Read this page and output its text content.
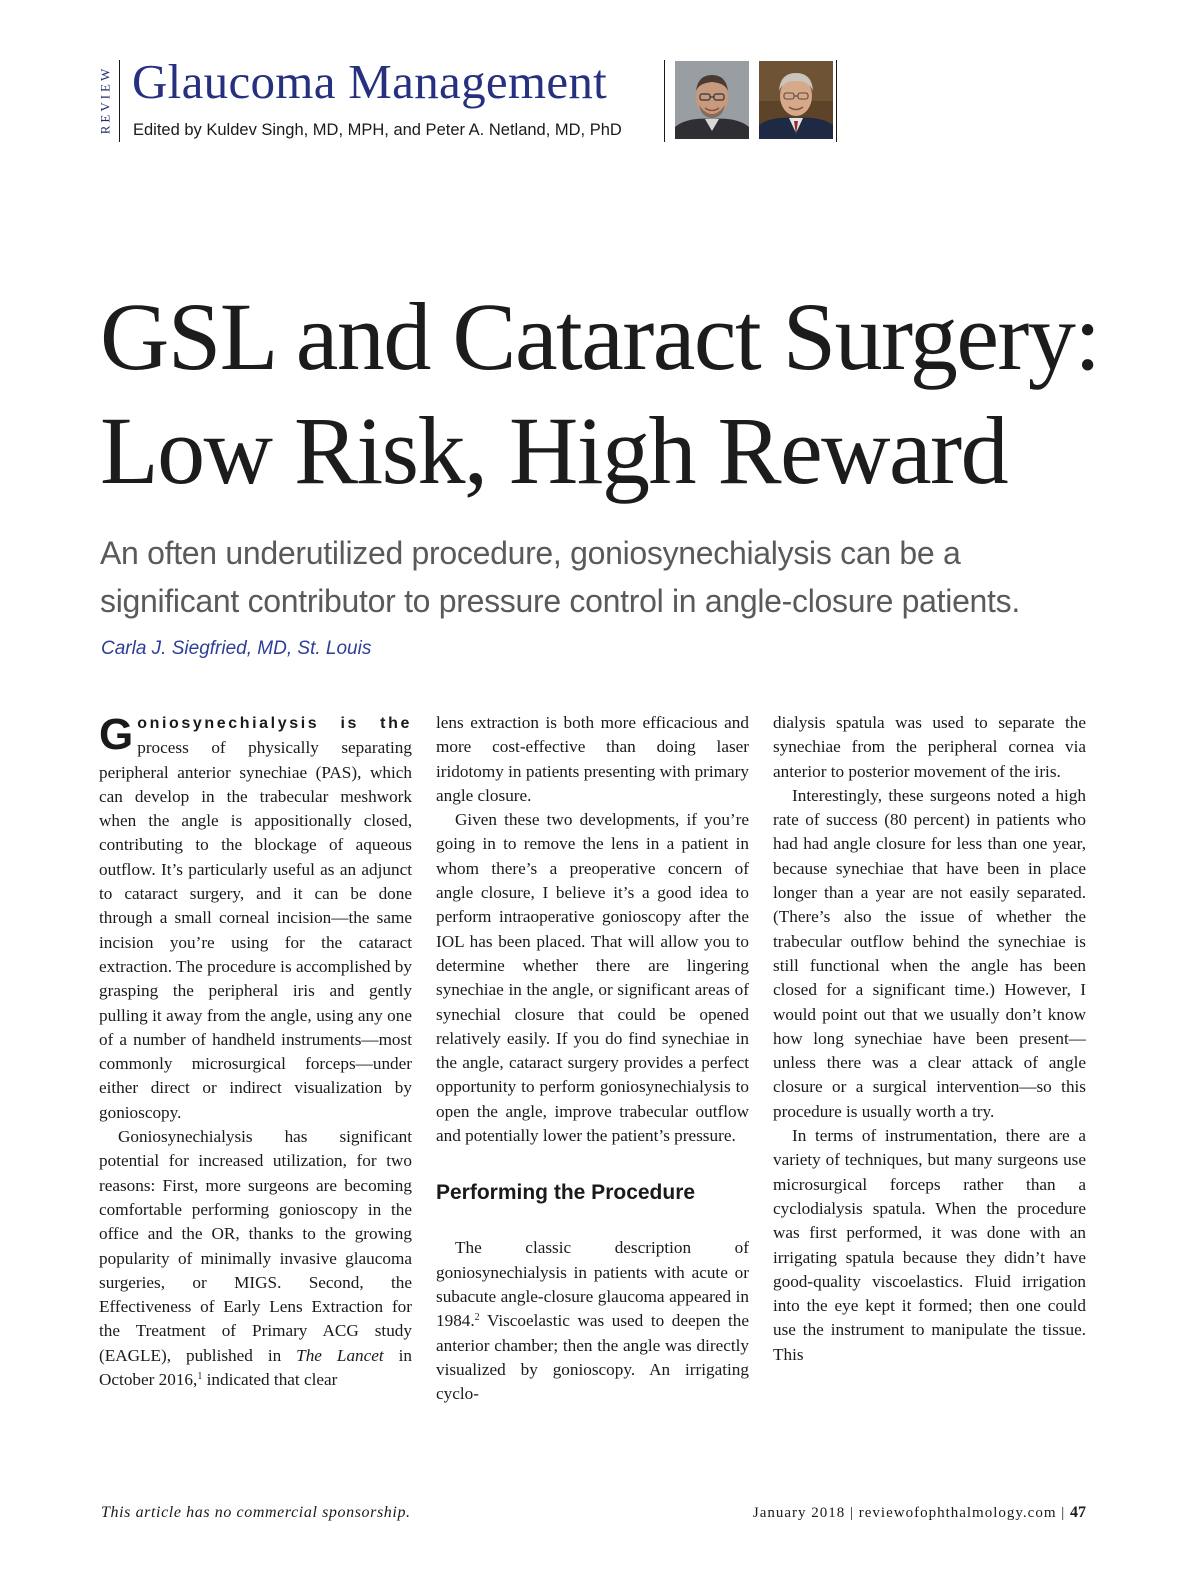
REVIEW Glaucoma Management
Edited by Kuldev Singh, MD, MPH, and Peter A. Netland, MD, PhD
GSL and Cataract Surgery:
Low Risk, High Reward
An often underutilized procedure, goniosynechialysis can be a
significant contributor to pressure control in angle-closure patients.
Carla J. Siegfried, MD, St. Louis

Goniosynechialysis is the process of physically separating peripheral anterior synechiae (PAS), which can develop in the trabecular meshwork when the angle is appositionally closed, contributing to the blockage of aqueous outflow. It’s particularly useful as an adjunct to cataract surgery, and it can be done through a small corneal incision—the same incision you’re using for the cataract extraction. The procedure is accomplished by grasping the peripheral iris and gently pulling it away from the angle, using any one of a number of handheld instruments—most commonly microsurgical forceps—under either direct or indirect visualization by gonioscopy.

Goniosynechialysis has significant potential for increased utilization, for two reasons: First, more surgeons are becoming comfortable performing gonioscopy in the office and the OR, thanks to the growing popularity of minimally invasive glaucoma surgeries, or MIGS. Second, the Effectiveness of Early Lens Extraction for the Treatment of Primary ACG study (EAGLE), published in The Lancet in October 2016,$^1$ indicated that clear

lens extraction is both more efficacious and more cost-effective than doing laser iridotomy in patients presenting with primary angle closure.

Given these two developments, if you’re going in to remove the lens in a patient in whom there’s a preoperative concern of angle closure, I believe it’s a good idea to perform intraoperative gonioscopy after the IOL has been placed. That will allow you to determine whether there are lingering synechiae in the angle, or significant areas of synechial closure that could be opened relatively easily. If you do find synechiae in the angle, cataract surgery provides a perfect opportunity to perform goniosynechialysis to open the angle, improve trabecular outflow and potentially lower the patient’s pressure.

Performing the Procedure

The classic description of goniosynechialysis in patients with acute or subacute angle-closure glaucoma appeared in 1984.$^2$ Viscoelastic was used to deepen the anterior chamber; then the angle was directly visualized by gonioscopy. An irrigating cyclo-

dialysis spatula was used to separate the synechiae from the peripheral cornea via anterior to posterior movement of the iris.

Interestingly, these surgeons noted a high rate of success (80 percent) in patients who had had angle closure for less than one year, because synechiae that have been in place longer than a year are not easily separated. (There’s also the issue of whether the trabecular outflow behind the synechiae is still functional when the angle has been closed for a significant time.) However, I would point out that we usually don’t know how long synechiae have been present—unless there was a clear attack of angle closure or a surgical intervention—so this procedure is usually worth a try.

In terms of instrumentation, there are a variety of techniques, but many surgeons use microsurgical forceps rather than a cyclodialysis spatula. When the procedure was first performed, it was done with an irrigating spatula because they didn’t have good-quality viscoelastics. Fluid irrigation into the eye kept it formed; then one could use the instrument to manipulate the tissue. This

This article has no commercial sponsorship.	January 2018 | reviewofophthalmology.com | 47
